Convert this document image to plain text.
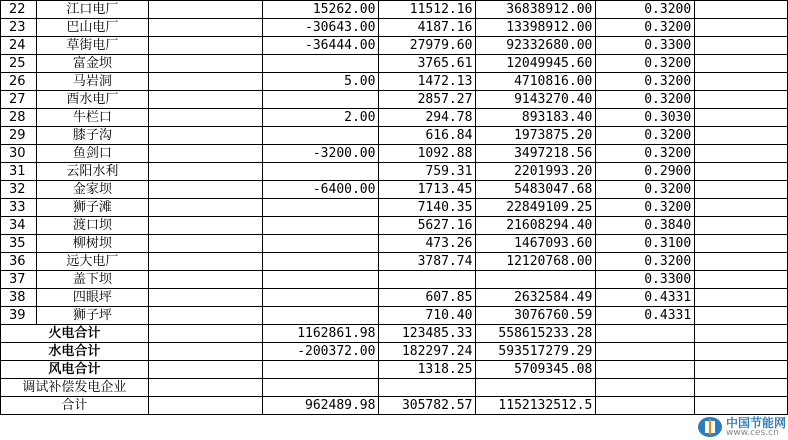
22	江口电厂		15262.00	11512.16	36838912.00	0.3200	
23	巴山电厂		-30643.00	4187.16	13398912.00	0.3200	
24	草街电厂		-36444.00	27979.60	92332680.00	0.3300	
25	富金坝			3765.61	12049945.60	0.3200	
26	马岩洞		5.00	1472.13	4710816.00	0.3200	
27	酉水电厂			2857.27	9143270.40	0.3200	
28	牛栏口		2.00	294.78	893183.40	0.3030	
29	膝子沟			616.84	1973875.20	0.3200	
30	鱼剑口		-3200.00	1092.88	3497218.56	0.3200	
31	云阳水利			759.31	2201993.20	0.2900	
32	金家坝		-6400.00	1713.45	5483047.68	0.3200	
33	狮子滩			7140.35	22849109.25	0.3200	
34	渡口坝			5627.16	21608294.40	0.3840	
35	柳树坝			473.26	1467093.60	0.3100	
36	远大电厂			3787.74	12120768.00	0.3200	
37	盖下坝					0.3300	
38	四眼坪			607.85	2632584.49	0.4331	
39	狮子坪			710.40	3076760.59	0.4331	
火电合计			1162861.98	123485.33	558615233.28		
水电合计			-200372.00	182297.24	593517279.29		
风电合计				1318.25	5709345.08		
调试补偿发电企业							
合计			962489.98	305782.57	1152132512.5		
中国节能网
www.ces.cn
